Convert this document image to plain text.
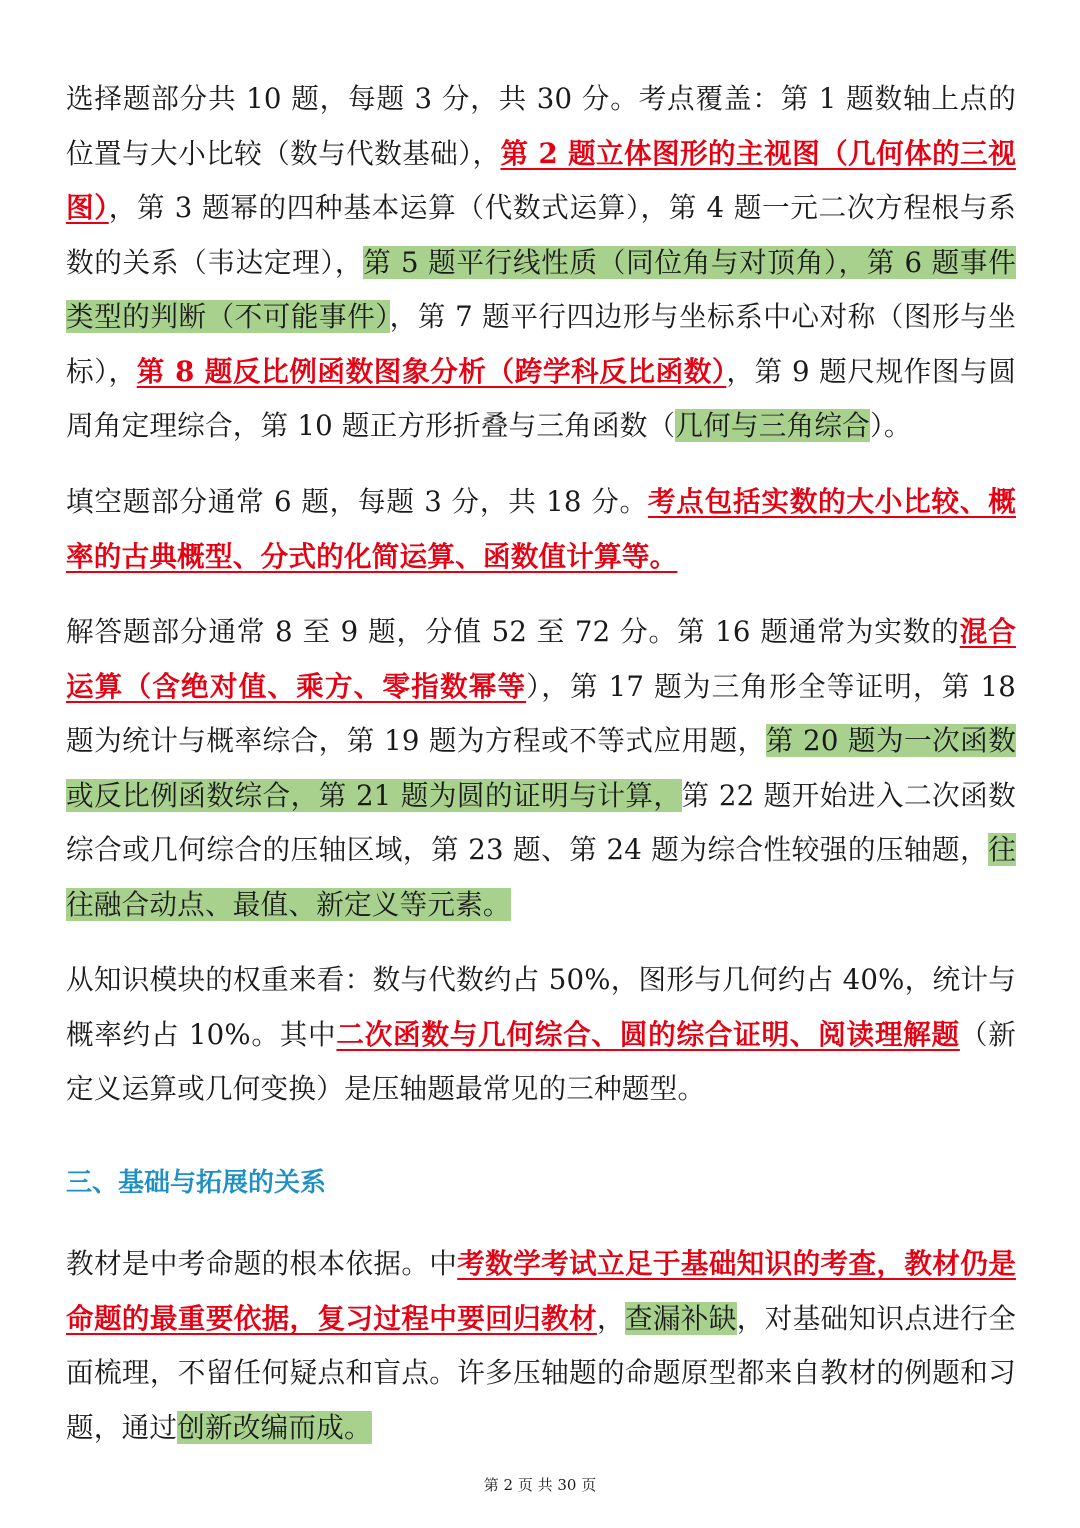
选择题部分共 10 题，每题 3 分，共 30 分。考点覆盖：第 1 题数轴上点的位置与大小比较（数与代数基础），第 2 题立体图形的主视图（几何体的三视图），第 3 题幂的四种基本运算（代数式运算），第 4 题一元二次方程根与系数的关系（韦达定理），第 5 题平行线性质（同位角与对顶角），第 6 题事件类型的判断（不可能事件），第 7 题平行四边形与坐标系中心对称（图形与坐标），第 8 题反比例函数图象分析（跨学科反比函数），第 9 题尺规作图与圆周角定理综合，第 10 题正方形折叠与三角函数（几何与三角综合）。

填空题部分通常 6 题，每题 3 分，共 18 分。考点包括实数的大小比较、概率的古典概型、分式的化简运算、函数值计算等。

解答题部分通常 8 至 9 题，分值 52 至 72 分。第 16 题通常为实数的混合运算（含绝对值、乘方、零指数幂等），第 17 题为三角形全等证明，第 18 题为统计与概率综合，第 19 题为方程或不等式应用题，第 20 题为一次函数或反比例函数综合，第 21 题为圆的证明与计算，第 22 题开始进入二次函数综合或几何综合的压轴区域，第 23 题、第 24 题为综合性较强的压轴题，往往融合动点、最值、新定义等元素。

从知识模块的权重来看：数与代数约占 50%，图形与几何约占 40%，统计与概率约占 10%。其中二次函数与几何综合、圆的综合证明、阅读理解题（新定义运算或几何变换）是压轴题最常见的三种题型。

三、基础与拓展的关系

教材是中考命题的根本依据。中考数学考试立足于基础知识的考查，教材仍是命题的最重要依据，复习过程中要回归教材，查漏补缺，对基础知识点进行全面梳理，不留任何疑点和盲点。许多压轴题的命题原型都来自教材的例题和习题，通过创新改编而成。

第 2 页 共 30 页
